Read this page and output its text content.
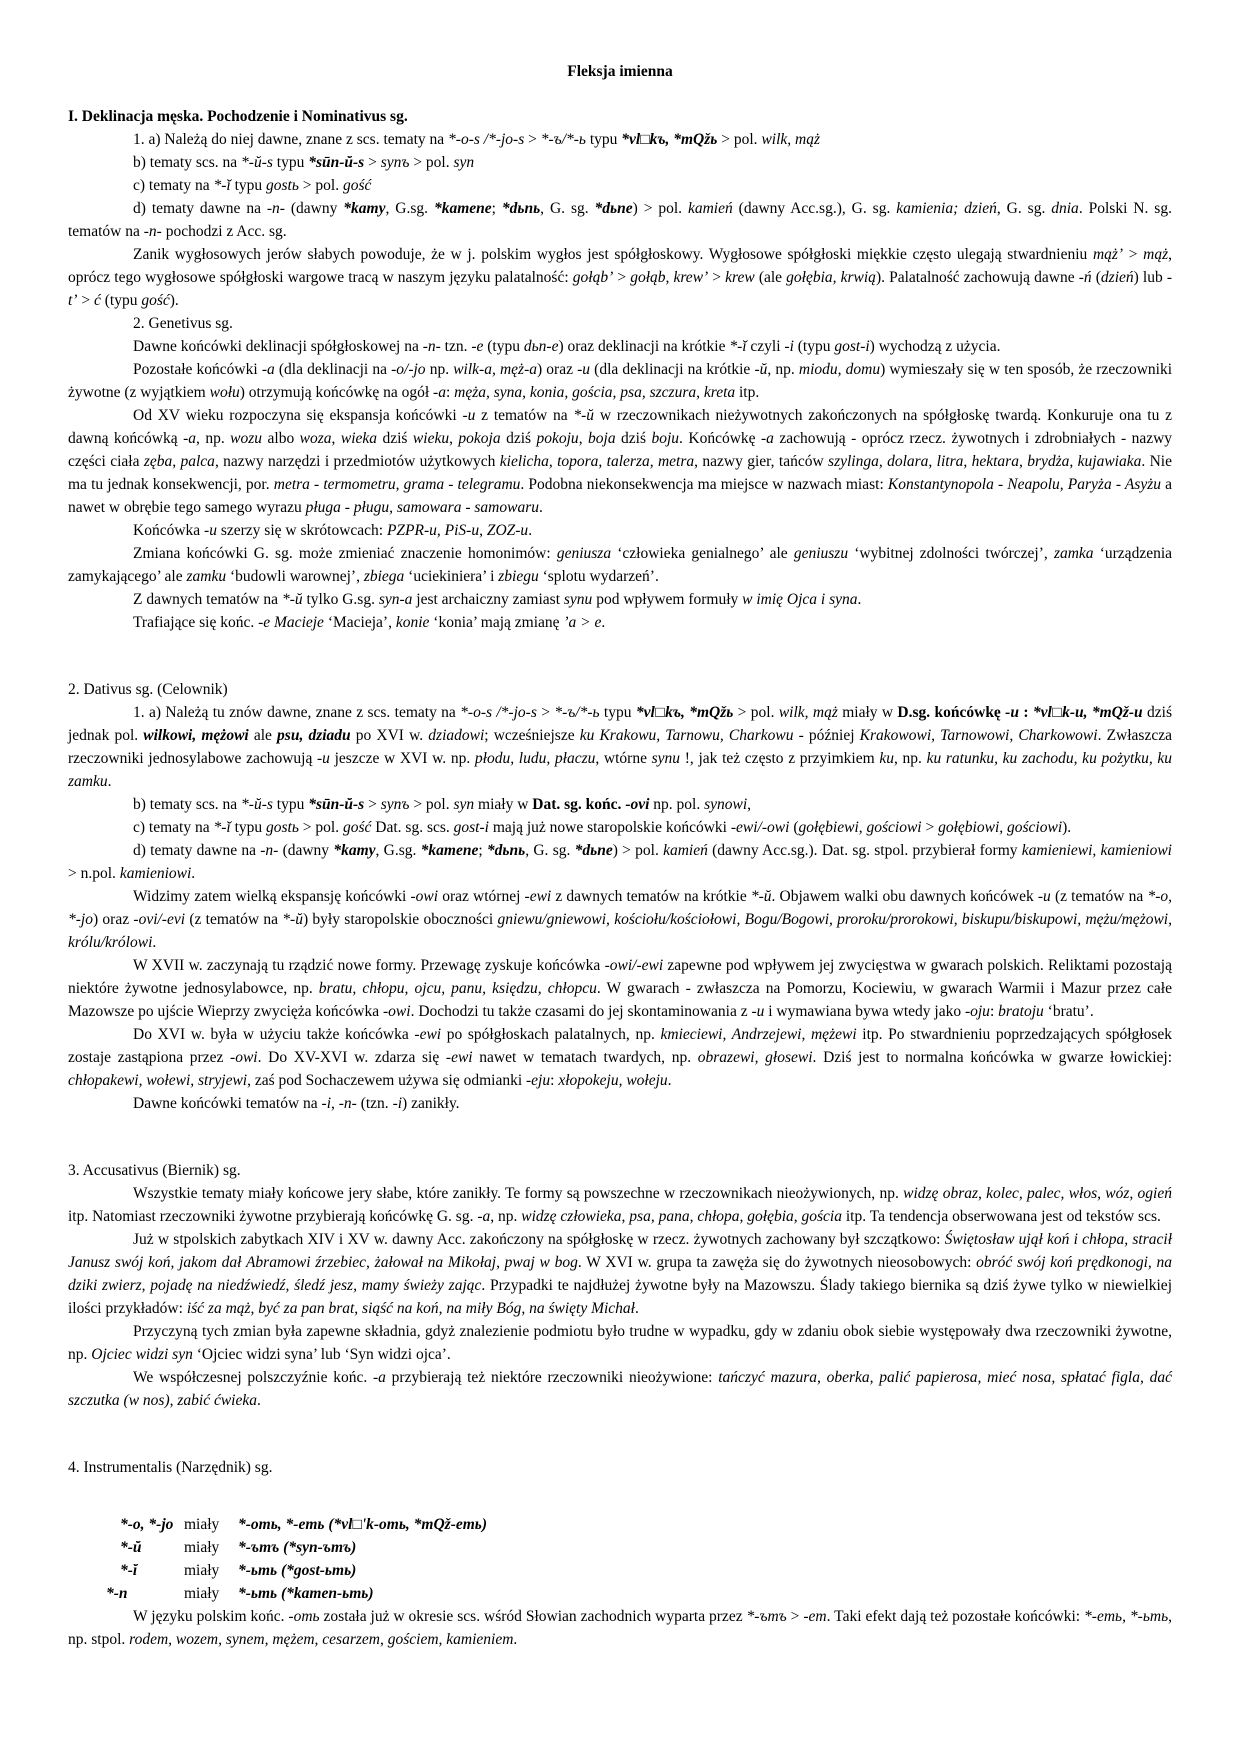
Fleksja imienna

I. Deklinacja męska. Pochodzenie i Nominativus sg.

1. a) Należą do niej dawne, znane z scs. tematy na *-o-s /*-jo-s > *-ъ/*-ь typu *vl□kъ, *mQžь > pol. wilk, mąż

b) tematy scs. na *-ŭ-s typu *sūn-ŭ-s > synъ > pol. syn

c) tematy na *-ĭ typu gostь > pol. gość

d) tematy dawne na -n- (dawny *kamy, G.sg. *kamene; *dьnь, G. sg. *dьne) > pol. kamień (dawny Acc.sg.), G. sg. kamienia; dzień, G. sg. dnia. Polski N. sg. tematów na -n- pochodzi z Acc. sg.

Zanik wygłosowych jerów słabych powoduje, że w j. polskim wygłos jest spółgłoskowy. Wygłosowe spółgłoski miękkie często ulegają stwardnieniu mąż’ > mąż, oprócz tego wygłosowe spółgłoski wargowe tracą w naszym języku palatalność: gołąb’ > gołąb, krew’ > krew (ale gołębia, krwią). Palatalność zachowują dawne -ń (dzień) lub -t’ > ć (typu gość).

2. Genetivus sg.

Dawne końcówki deklinacji spółgłoskowej na -n- tzn. -e (typu dьn-e) oraz deklinacji na krótkie *-ĭ czyli -i (typu gost-i) wychodzą z użycia.

Pozostałe końcówki -a (dla deklinacji na -o/-jo np. wilk-a, męż-a) oraz -u (dla deklinacji na krótkie -ŭ, np. miodu, domu) wymieszały się w ten sposób, że rzeczowniki żywotne (z wyjątkiem wołu) otrzymują końcówkę na ogół -a: męża, syna, konia, gościa, psa, szczura, kreta itp.

Od XV wieku rozpoczyna się ekspansja końcówki -u z tematów na *-ŭ w rzeczownikach nieżywotnych zakończonych na spółgłoskę twardą. Konkuruje ona tu z dawną końcówką -a, np. wozu albo woza, wieka dziś wieku, pokoja dziś pokoju, boja dziś boju. Końcówkę -a zachowują - oprócz rzecz. żywotnych i zdrobniałych - nazwy części ciała zęba, palca, nazwy narzędzi i przedmiotów użytkowych kielicha, topora, talerza, metra, nazwy gier, tańców szylinga, dolara, litra, hektara, brydża, kujawiaka. Nie ma tu jednak konsekwencji, por. metra - termometru, grama - telegramu. Podobna niekonsekwencja ma miejsce w nazwach miast: Konstantynopola - Neapolu, Paryża - Asyżu a nawet w obrębie tego samego wyrazu pługa - pługu, samowara - samowaru.

Końcówka -u szerzy się w skrótowcach: PZPR-u, PiS-u, ZOZ-u.

Zmiana końcówki G. sg. może zmieniać znaczenie homonimów: geniusza ‘człowieka genialnego’ ale geniuszu ‘wybitnej zdolności twórczej’, zamka ‘urządzenia zamykającego’ ale zamku ‘budowli warownej’, zbiega ‘uciekiniera’ i zbiegu ‘splotu wydarzeń’.

Z dawnych tematów na *-ŭ tylko G.sg. syn-a jest archaiczny zamiast synu pod wpływem formuły w imię Ojca i syna.

Trafiające się końc. -e Macieje ‘Macieja’, konie ‘konia’ mają zmianę ’a > e.

2. Dativus sg. (Celownik)

1. a) Należą tu znów dawne, znane z scs. tematy na *-o-s /*-jo-s > *-ъ/*-ь typu *vl□kъ, *mQžь > pol. wilk, mąż miały w D.sg. końcówkę -u : *vl□k-u, *mQž-u dziś jednak pol. wilkowi, mężowi ale psu, dziadu po XVI w. dziadowi; wcześniejsze ku Krakowu, Tarnowu, Charkowu - później Krakowowi, Tarnowowi, Charkowowi. Zwłaszcza rzeczowniki jednosylabowe zachowują -u jeszcze w XVI w. np. płodu, ludu, płaczu, wtórne synu !, jak też często z przyimkiem ku, np. ku ratunku, ku zachodu, ku pożytku, ku zamku.

b) tematy scs. na *-ŭ-s typu *sūn-ŭ-s > synъ > pol. syn miały w Dat. sg. końc. -ovi np. pol. synowi,

c) tematy na *-ĭ typu gostь > pol. gość Dat. sg. scs. gost-i mają już nowe staropolskie końcówki -ewi/-owi (gołębiewi, gościowi > gołębiowi, gościowi).

d) tematy dawne na -n- (dawny *kamy, G.sg. *kamene; *dьnь, G. sg. *dьne) > pol. kamień (dawny Acc.sg.). Dat. sg. stpol. przybierał formy kamieniewi, kamieniowi > n.pol. kamieniowi.

Widzimy zatem wielką ekspansję końcówki -owi oraz wtórnej -ewi z dawnych tematów na krótkie *-ŭ. Objawem walki obu dawnych końcówek -u (z tematów na *-o, *-jo) oraz -ovi/-evi (z tematów na *-ŭ) były staropolskie oboczności gniewu/gniewowi, kościołu/kościołowi, Bogu/Bogowi, proroku/prorokowi, biskupu/biskupowi, mężu/mężowi, królu/królowi.

W XVII w. zaczynają tu rządzić nowe formy. Przewagę zyskuje końcówka -owi/-ewi zapewne pod wpływem jej zwycięstwa w gwarach polskich. Reliktami pozostają niektóre żywotne jednosylabowce, np. bratu, chłopu, ojcu, panu, księdzu, chłopcu. W gwarach - zwłaszcza na Pomorzu, Kociewiu, w gwarach Warmii i Mazur przez całe Mazowsze po ujście Wieprzy zwycięża końcówka -owi. Dochodzi tu także czasami do jej skontaminowania z -u i wymawiana bywa wtedy jako -oju: bratoju ‘bratu’.

Do XVI w. była w użyciu także końcówka -ewi po spółgłoskach palatalnych, np. kmieciewi, Andrzejewi, mężewi itp. Po stwardnieniu poprzedzających spółgłosek zostaje zastąpiona przez -owi. Do XV-XVI w. zdarza się -ewi nawet w tematach twardych, np. obrazewi, głosewi. Dziś jest to normalna końcówka w gwarze łowickiej: chłopakewi, wołewi, stryjewi, zaś pod Sochaczewem używa się odmianki -eju: xłopokeju, wołeju.

Dawne końcówki tematów na -i, -n- (tzn. -i) zanikły.

3. Accusativus (Biernik) sg.

Wszystkie tematy miały końcowe jery słabe, które zanikły. Te formy są powszechne w rzeczownikach nieożywionych, np. widzę obraz, kolec, palec, włos, wóz, ogień itp. Natomiast rzeczowniki żywotne przybierają końcówkę G. sg. -a, np. widzę człowieka, psa, pana, chłopa, gołębia, gościa itp. Ta tendencja obserwowana jest od tekstów scs.

Już w stpolskich zabytkach XIV i XV w. dawny Acc. zakończony na spółgłoskę w rzecz. żywotnych zachowany był szczątkowo: Świętosław ujął koń i chłopa, stracił Janusz swój koń, jakom dał Abramowi źrzebiec, żałował na Mikołaj, pwaj w bog. W XVI w. grupa ta zawęża się do żywotnych nieosobowych: obróć swój koń prędkonogi, na dziki zwierz, pojadę na niedźwiedź, śledź jesz, mamy świeży zając. Przypadki te najdłużej żywotne były na Mazowszu. Ślady takiego biernika są dziś żywe tylko w niewielkiej ilości przykładów: iść za mąż, być za pan brat, siąść na koń, na miły Bóg, na święty Michał.

Przyczyną tych zmian była zapewne składnia, gdyż znalezienie podmiotu było trudne w wypadku, gdy w zdaniu obok siebie występowały dwa rzeczowniki żywotne, np. Ojciec widzi syn ‘Ojciec widzi syna’ lub ‘Syn widzi ojca’.

We współczesnej polszczyźnie końc. -a przybierają też niektóre rzeczowniki nieożywione: tańczyć mazura, oberka, palić papierosa, mieć nosa, spłatać figla, dać szczutka (w nos), zabić ćwieka.

4. Instrumentalis (Narzędnik) sg.

*-o, *-jo miały	*-omь, *-emь (*vl□'k-omь, *mQž-emь)
*-ŭ	miały	*-ъmъ (*syn-ъmъ)
*-ĭ	miały	*-ьmь (*gost-ьmь)
*-n	miały	*-ьmь (*kamen-ьmь)

W języku polskim końc. -omь została już w okresie scs. wśród Słowian zachodnich wyparta przez *-ъmъ > -em. Taki efekt dają też pozostałe końcówki: *-emь, *-ьmь, np. stpol. rodem, wozem, synem, mężem, cesarzem, gościem, kamieniem.
